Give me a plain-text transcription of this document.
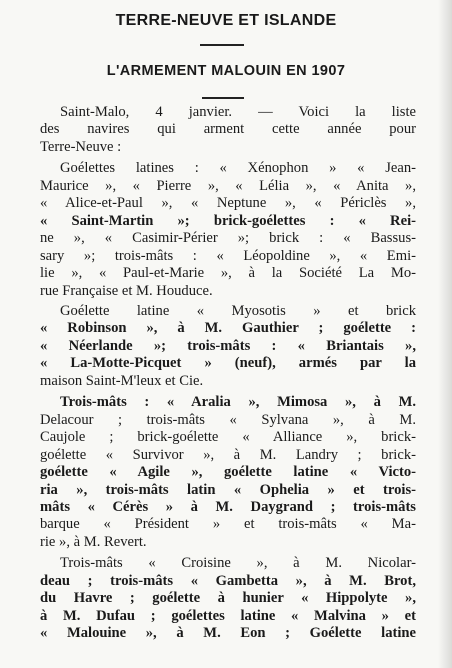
TERRE-NEUVE ET ISLANDE
L'ARMEMENT MALOUIN EN 1907
Saint-Malo, 4 janvier. — Voici la liste
des navires qui arment cette année pour
Terre-Neuve :
Goélettes latines : « Xénophon » « Jean-
Maurice », « Pierre », « Lélia », « Anita »,
« Alice-et-Paul », « Neptune », « Périclès »,
« Saint-Martin »; brick-goélettes : « Rei-
ne », « Casimir-Périer »; brick : « Bassus-
sary »; trois-mâts : « Léopoldine », « Emi-
lie », « Paul-et-Marie », à la Société La Mo-
rue Française et M. Houduce.
Goélette latine « Myosotis » et brick
« Robinson », à M. Gauthier ; goélette :
« Néerlande »; trois-mâts : « Briantais »,
« La-Motte-Picquet » (neuf), armés par la
maison Saint-M'leux et Cie.
Trois-mâts : « Aralia », Mimosa », à M.
Delacour ; trois-mâts « Sylvana », à M.
Caujole ; brick-goélette « Alliance », brick-
goélette « Survivor », à M. Landry ; brick-
goélette « Agile », goélette latine « Victo-
ria », trois-mâts latin « Ophelia » et trois-
mâts « Cérès » à M. Daygrand ; trois-mâts
barque « Président » et trois-mâts « Ma-
rie », à M. Revert.
Trois-mâts « Croisine », à M. Nicolar-
deau ; trois-mâts « Gambetta », à M. Brot,
du Havre ; goélette à hunier « Hippolyte »,
à M. Dufau ; goélettes latine « Malvina » et
« Malouine », à M. Eon ; Goélette latine
